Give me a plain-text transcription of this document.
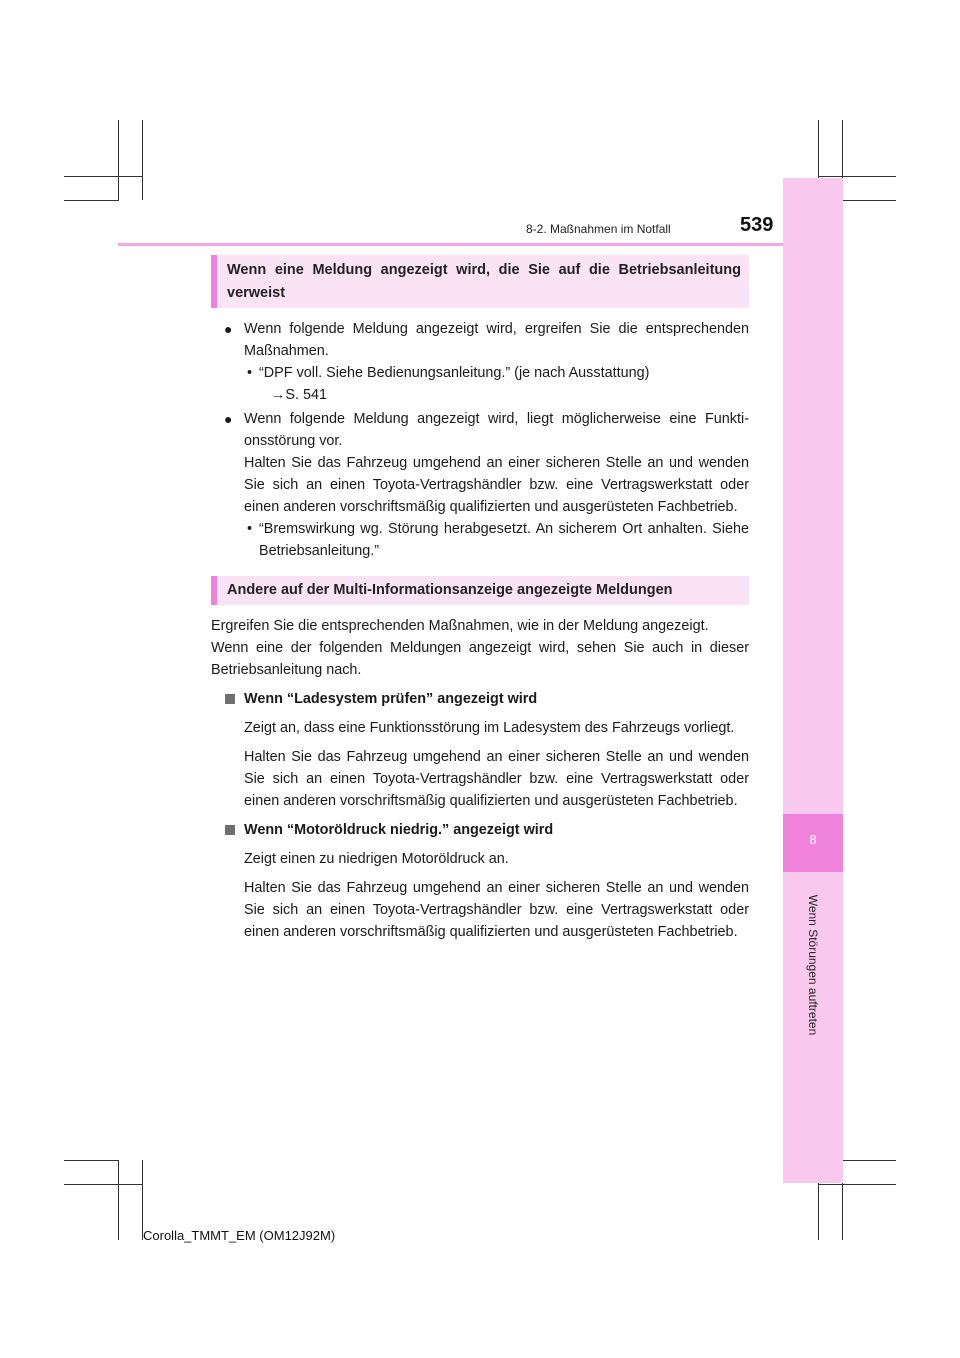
8
Wenn Störungen auftreten
8-2. Maßnahmen im Notfall	539
Wenn eine Meldung angezeigt wird, die Sie auf die Betriebsanleitung verweist

● Wenn folgende Meldung angezeigt wird, ergreifen Sie die entsprechenden Maßnahmen.

• “DPF voll. Siehe Bedienungsanleitung.” (je nach Ausstattung)

→S. 541

● Wenn folgende Meldung angezeigt wird, liegt möglicherweise eine Funktionsstörung vor.

Halten Sie das Fahrzeug umgehend an einer sicheren Stelle an und wenden Sie sich an einen Toyota-Vertragshändler bzw. eine Vertragswerkstatt oder einen anderen vorschriftsmäßig qualifizierten und ausgerüsteten Fachbetrieb.

• “Bremswirkung wg. Störung herabgesetzt. An sicherem Ort anhalten. Siehe Betriebsanleitung.”

Andere auf der Multi-Informationsanzeige angezeigte Meldungen

Ergreifen Sie die entsprechenden Maßnahmen, wie in der Meldung angezeigt.

Wenn eine der folgenden Meldungen angezeigt wird, sehen Sie auch in dieser Betriebsanleitung nach.

Wenn “Ladesystem prüfen” angezeigt wird

Zeigt an, dass eine Funktionsstörung im Ladesystem des Fahrzeugs vorliegt.

Halten Sie das Fahrzeug umgehend an einer sicheren Stelle an und wenden Sie sich an einen Toyota-Vertragshändler bzw. eine Vertragswerkstatt oder einen anderen vorschriftsmäßig qualifizierten und ausgerüsteten Fachbetrieb.

Wenn “Motoröldruck niedrig.” angezeigt wird

Zeigt einen zu niedrigen Motoröldruck an.

Halten Sie das Fahrzeug umgehend an einer sicheren Stelle an und wenden Sie sich an einen Toyota-Vertragshändler bzw. eine Vertragswerkstatt oder einen anderen vorschriftsmäßig qualifizierten und ausgerüsteten Fachbetrieb.

Corolla_TMMT_EM (OM12J92M)
